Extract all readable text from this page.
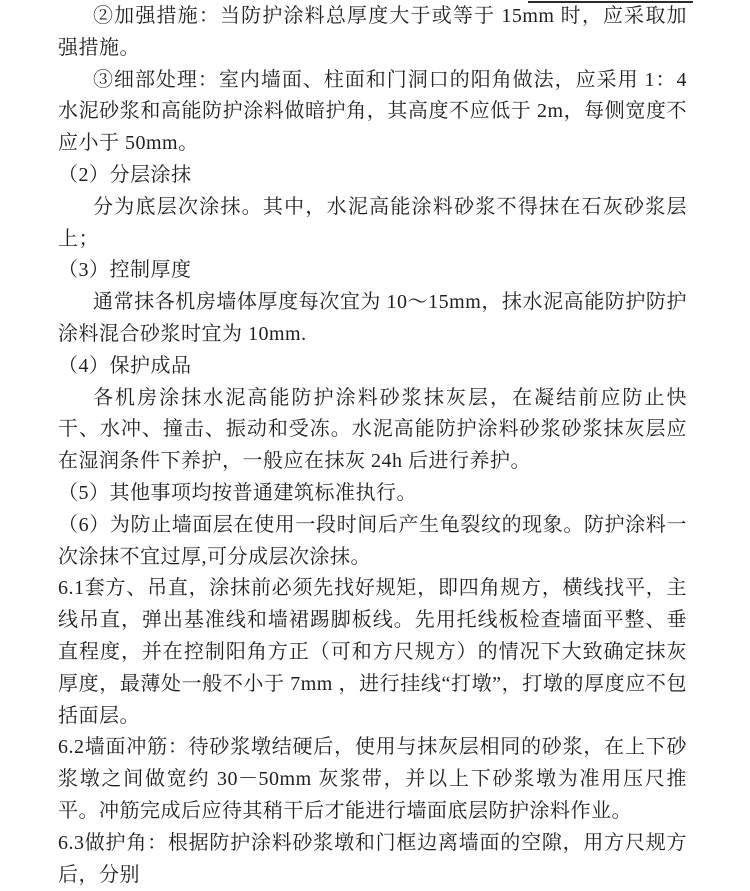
②加强措施：当防护涂料总厚度大于或等于 15mm 时，应采取加强措施。

③细部处理：室内墙面、柱面和门洞口的阳角做法，应采用 1：4 水泥砂浆和高能防护涂料做暗护角，其高度不应低于 2m，每侧宽度不应小于 50mm。

（2）分层涂抹

分为底层次涂抹。其中，水泥高能涂料砂浆不得抹在石灰砂浆层上；

（3）控制厚度

通常抹各机房墙体厚度每次宜为 10～15mm，抹水泥高能防护防护涂料混合砂浆时宜为 10mm.

（4）保护成品

各机房涂抹水泥高能防护涂料砂浆抹灰层，在凝结前应防止快干、水冲、撞击、振动和受冻。水泥高能防护涂料砂浆砂浆抹灰层应在湿润条件下养护，一般应在抹灰 24h 后进行养护。

（5）其他事项均按普通建筑标准执行。

（6）为防止墙面层在使用一段时间后产生龟裂纹的现象。防护涂料一次涂抹不宜过厚,可分成层次涂抹。

6.1套方、吊直，涂抹前必须先找好规矩，即四角规方，横线找平，主线吊直，弹出基准线和墙裙踢脚板线。先用托线板检查墙面平整、垂直程度，并在控制阳角方正（可和方尺规方）的情况下大致确定抹灰厚度，最薄处一般不小于 7mm ，进行挂线“打墩”，打墩的厚度应不包括面层。

6.2墙面冲筋：待砂浆墩结硬后，使用与抹灰层相同的砂浆，在上下砂浆墩之间做宽约 30－50mm 灰浆带，并以上下砂浆墩为准用压尺推平。冲筋完成后应待其稍干后才能进行墙面底层防护涂料作业。

6.3做护角：根据防护涂料砂浆墩和门框边离墙面的空隙，用方尺规方后，分别
